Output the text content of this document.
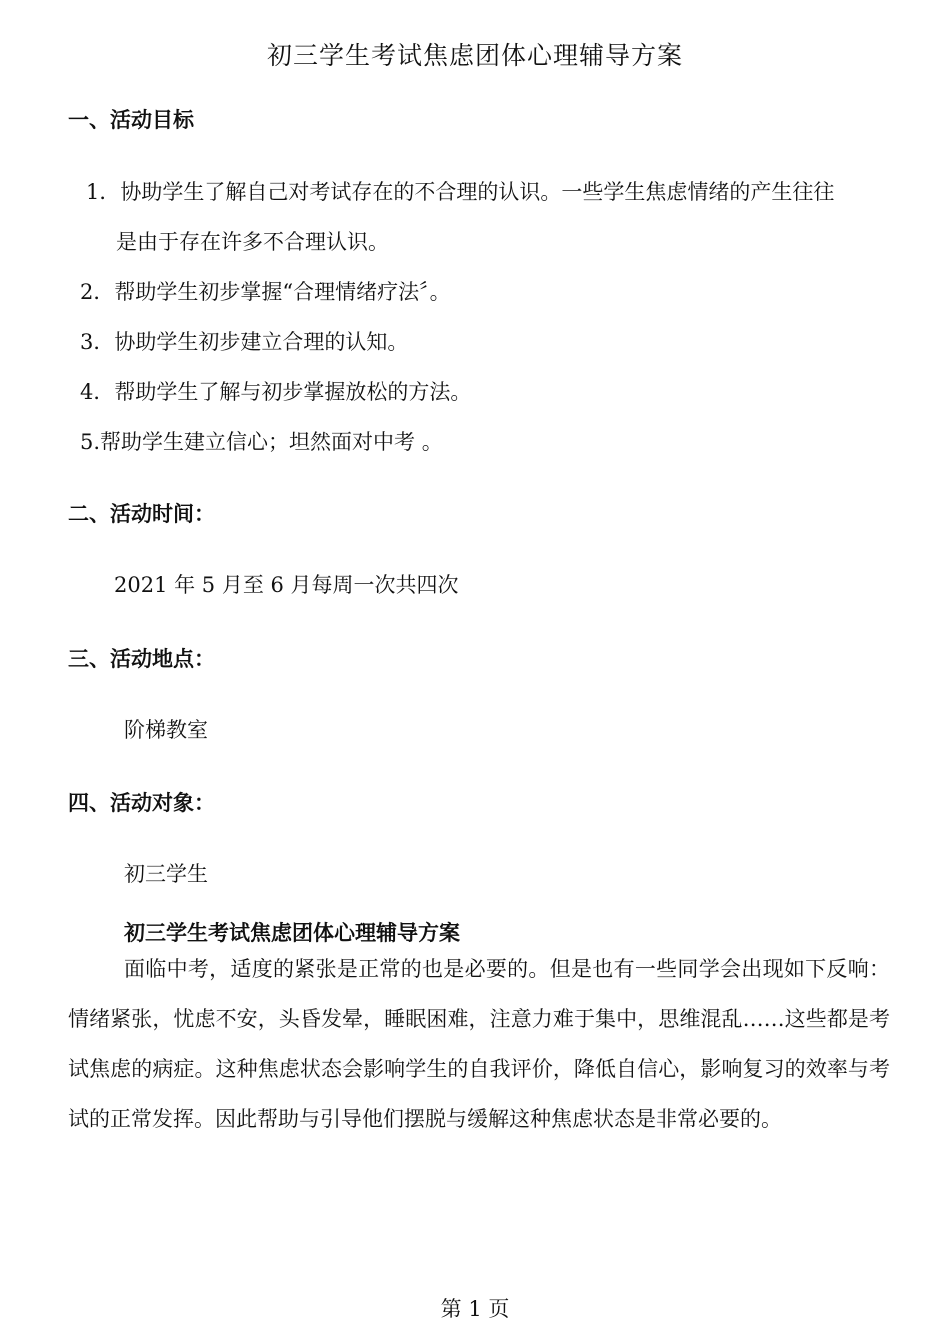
初三学生考试焦虑团体心理辅导方案
一、活动目标
1．协助学生了解自己对考试存在的不合理的认识。一些学生焦虑情绪的产生往往
是由于存在许多不合理认识。
2．帮助学生初步掌握“合理情绪疗法〞。
3．协助学生初步建立合理的认知。
4．帮助学生了解与初步掌握放松的方法。
5.帮助学生建立信心；坦然面对中考 。
二、活动时间：
2021 年 5 月至 6 月每周一次共四次
三、活动地点：
阶梯教室
四、活动对象：
初三学生
初三学生考试焦虑团体心理辅导方案

面临中考，适度的紧张是正常的也是必要的。但是也有一些同学会出现如下反响：情绪紧张，忧虑不安，头昏发晕，睡眠困难，注意力难于集中，思维混乱……这些都是考试焦虑的病症。这种焦虑状态会影响学生的自我评价，降低自信心，影响复习的效率与考试的正常发挥。因此帮助与引导他们摆脱与缓解这种焦虑状态是非常必要的。

第 1 页
